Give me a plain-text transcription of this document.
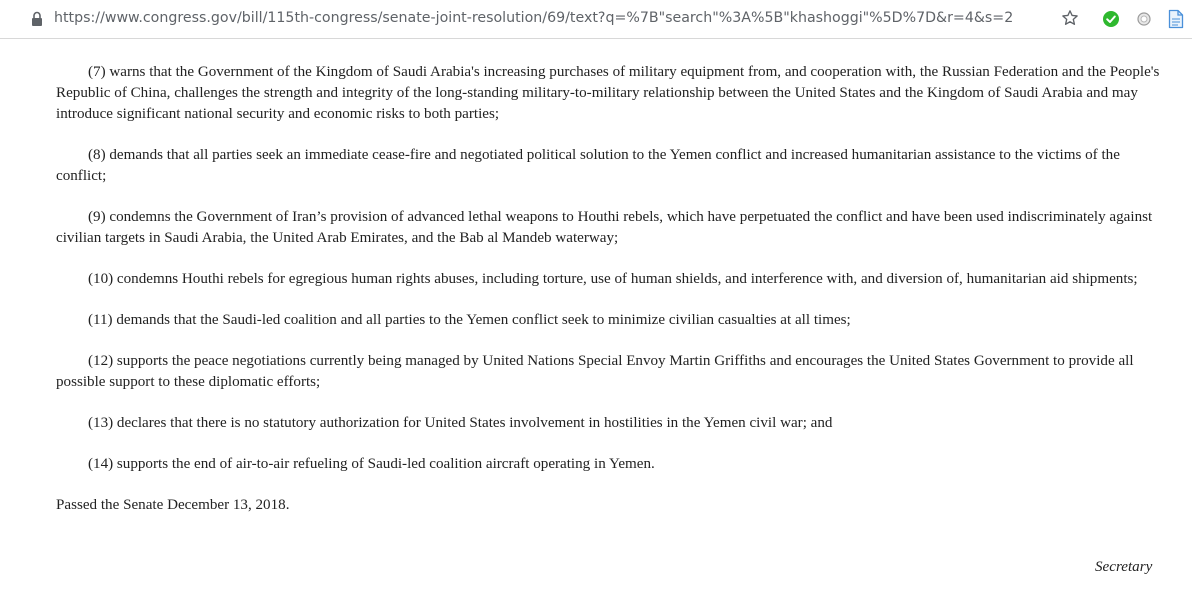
https://www.congress.gov/bill/115th-congress/senate-joint-resolution/69/text?q=%7B"search"%3A%5B"khashoggi"%5D%7D&r=4&s=2

(7) warns that the Government of the Kingdom of Saudi Arabia's increasing purchases of military equipment from, and cooperation with, the Russian Federation and the People's Republic of China, challenges the strength and integrity of the long-standing military-to-military relationship between the United States and the Kingdom of Saudi Arabia and may introduce significant national security and economic risks to both parties;

(8) demands that all parties seek an immediate cease-fire and negotiated political solution to the Yemen conflict and increased humanitarian assistance to the victims of the conflict;

(9) condemns the Government of Iran’s provision of advanced lethal weapons to Houthi rebels, which have perpetuated the conflict and have been used indiscriminately against civilian targets in Saudi Arabia, the United Arab Emirates, and the Bab al Mandeb waterway;

(10) condemns Houthi rebels for egregious human rights abuses, including torture, use of human shields, and interference with, and diversion of, humanitarian aid shipments;

(11) demands that the Saudi-led coalition and all parties to the Yemen conflict seek to minimize civilian casualties at all times;

(12) supports the peace negotiations currently being managed by United Nations Special Envoy Martin Griffiths and encourages the United States Government to provide all possible support to these diplomatic efforts;

(13) declares that there is no statutory authorization for United States involvement in hostilities in the Yemen civil war; and

(14) supports the end of air-to-air refueling of Saudi-led coalition aircraft operating in Yemen.

Passed the Senate December 13, 2018.

Secretary
